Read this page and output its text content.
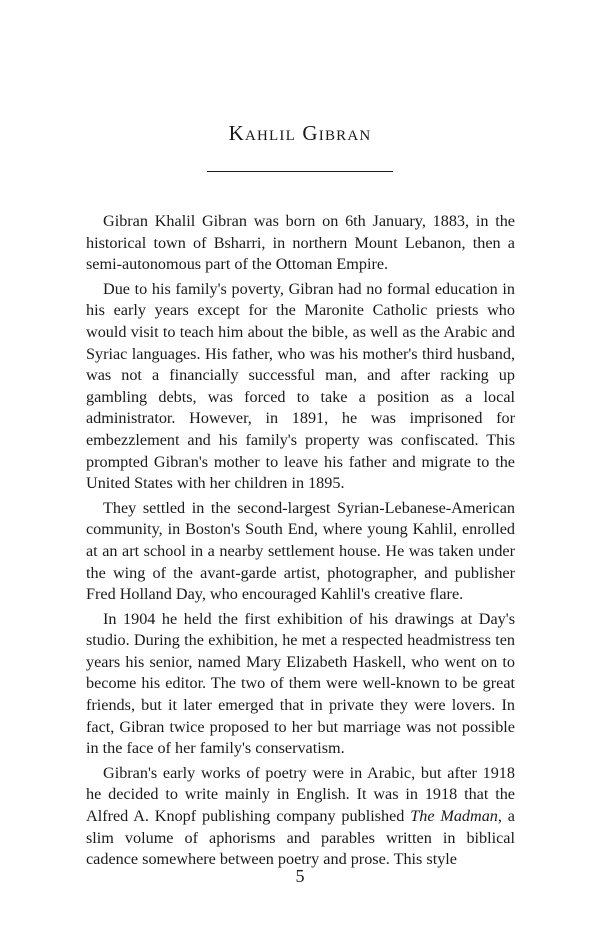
Kahlil Gibran

Gibran Khalil Gibran was born on 6th January, 1883, in the historical town of Bsharri, in northern Mount Lebanon, then a semi-autonomous part of the Ottoman Empire.

Due to his family's poverty, Gibran had no formal education in his early years except for the Maronite Catholic priests who would visit to teach him about the bible, as well as the Arabic and Syriac languages. His father, who was his mother's third husband, was not a financially successful man, and after racking up gambling debts, was forced to take a position as a local administrator. However, in 1891, he was imprisoned for embezzlement and his family's property was confiscated. This prompted Gibran's mother to leave his father and migrate to the United States with her children in 1895.

They settled in the second-largest Syrian-Lebanese-American community, in Boston's South End, where young Kahlil, enrolled at an art school in a nearby settlement house. He was taken under the wing of the avant-garde artist, photographer, and publisher Fred Holland Day, who encouraged Kahlil's creative flare.

In 1904 he held the first exhibition of his drawings at Day's studio. During the exhibition, he met a respected headmistress ten years his senior, named Mary Elizabeth Haskell, who went on to become his editor. The two of them were well-known to be great friends, but it later emerged that in private they were lovers. In fact, Gibran twice proposed to her but marriage was not possible in the face of her family's conservatism.

Gibran's early works of poetry were in Arabic, but after 1918 he decided to write mainly in English. It was in 1918 that the Alfred A. Knopf publishing company published The Madman, a slim volume of aphorisms and parables written in biblical cadence somewhere between poetry and prose. This style

5
